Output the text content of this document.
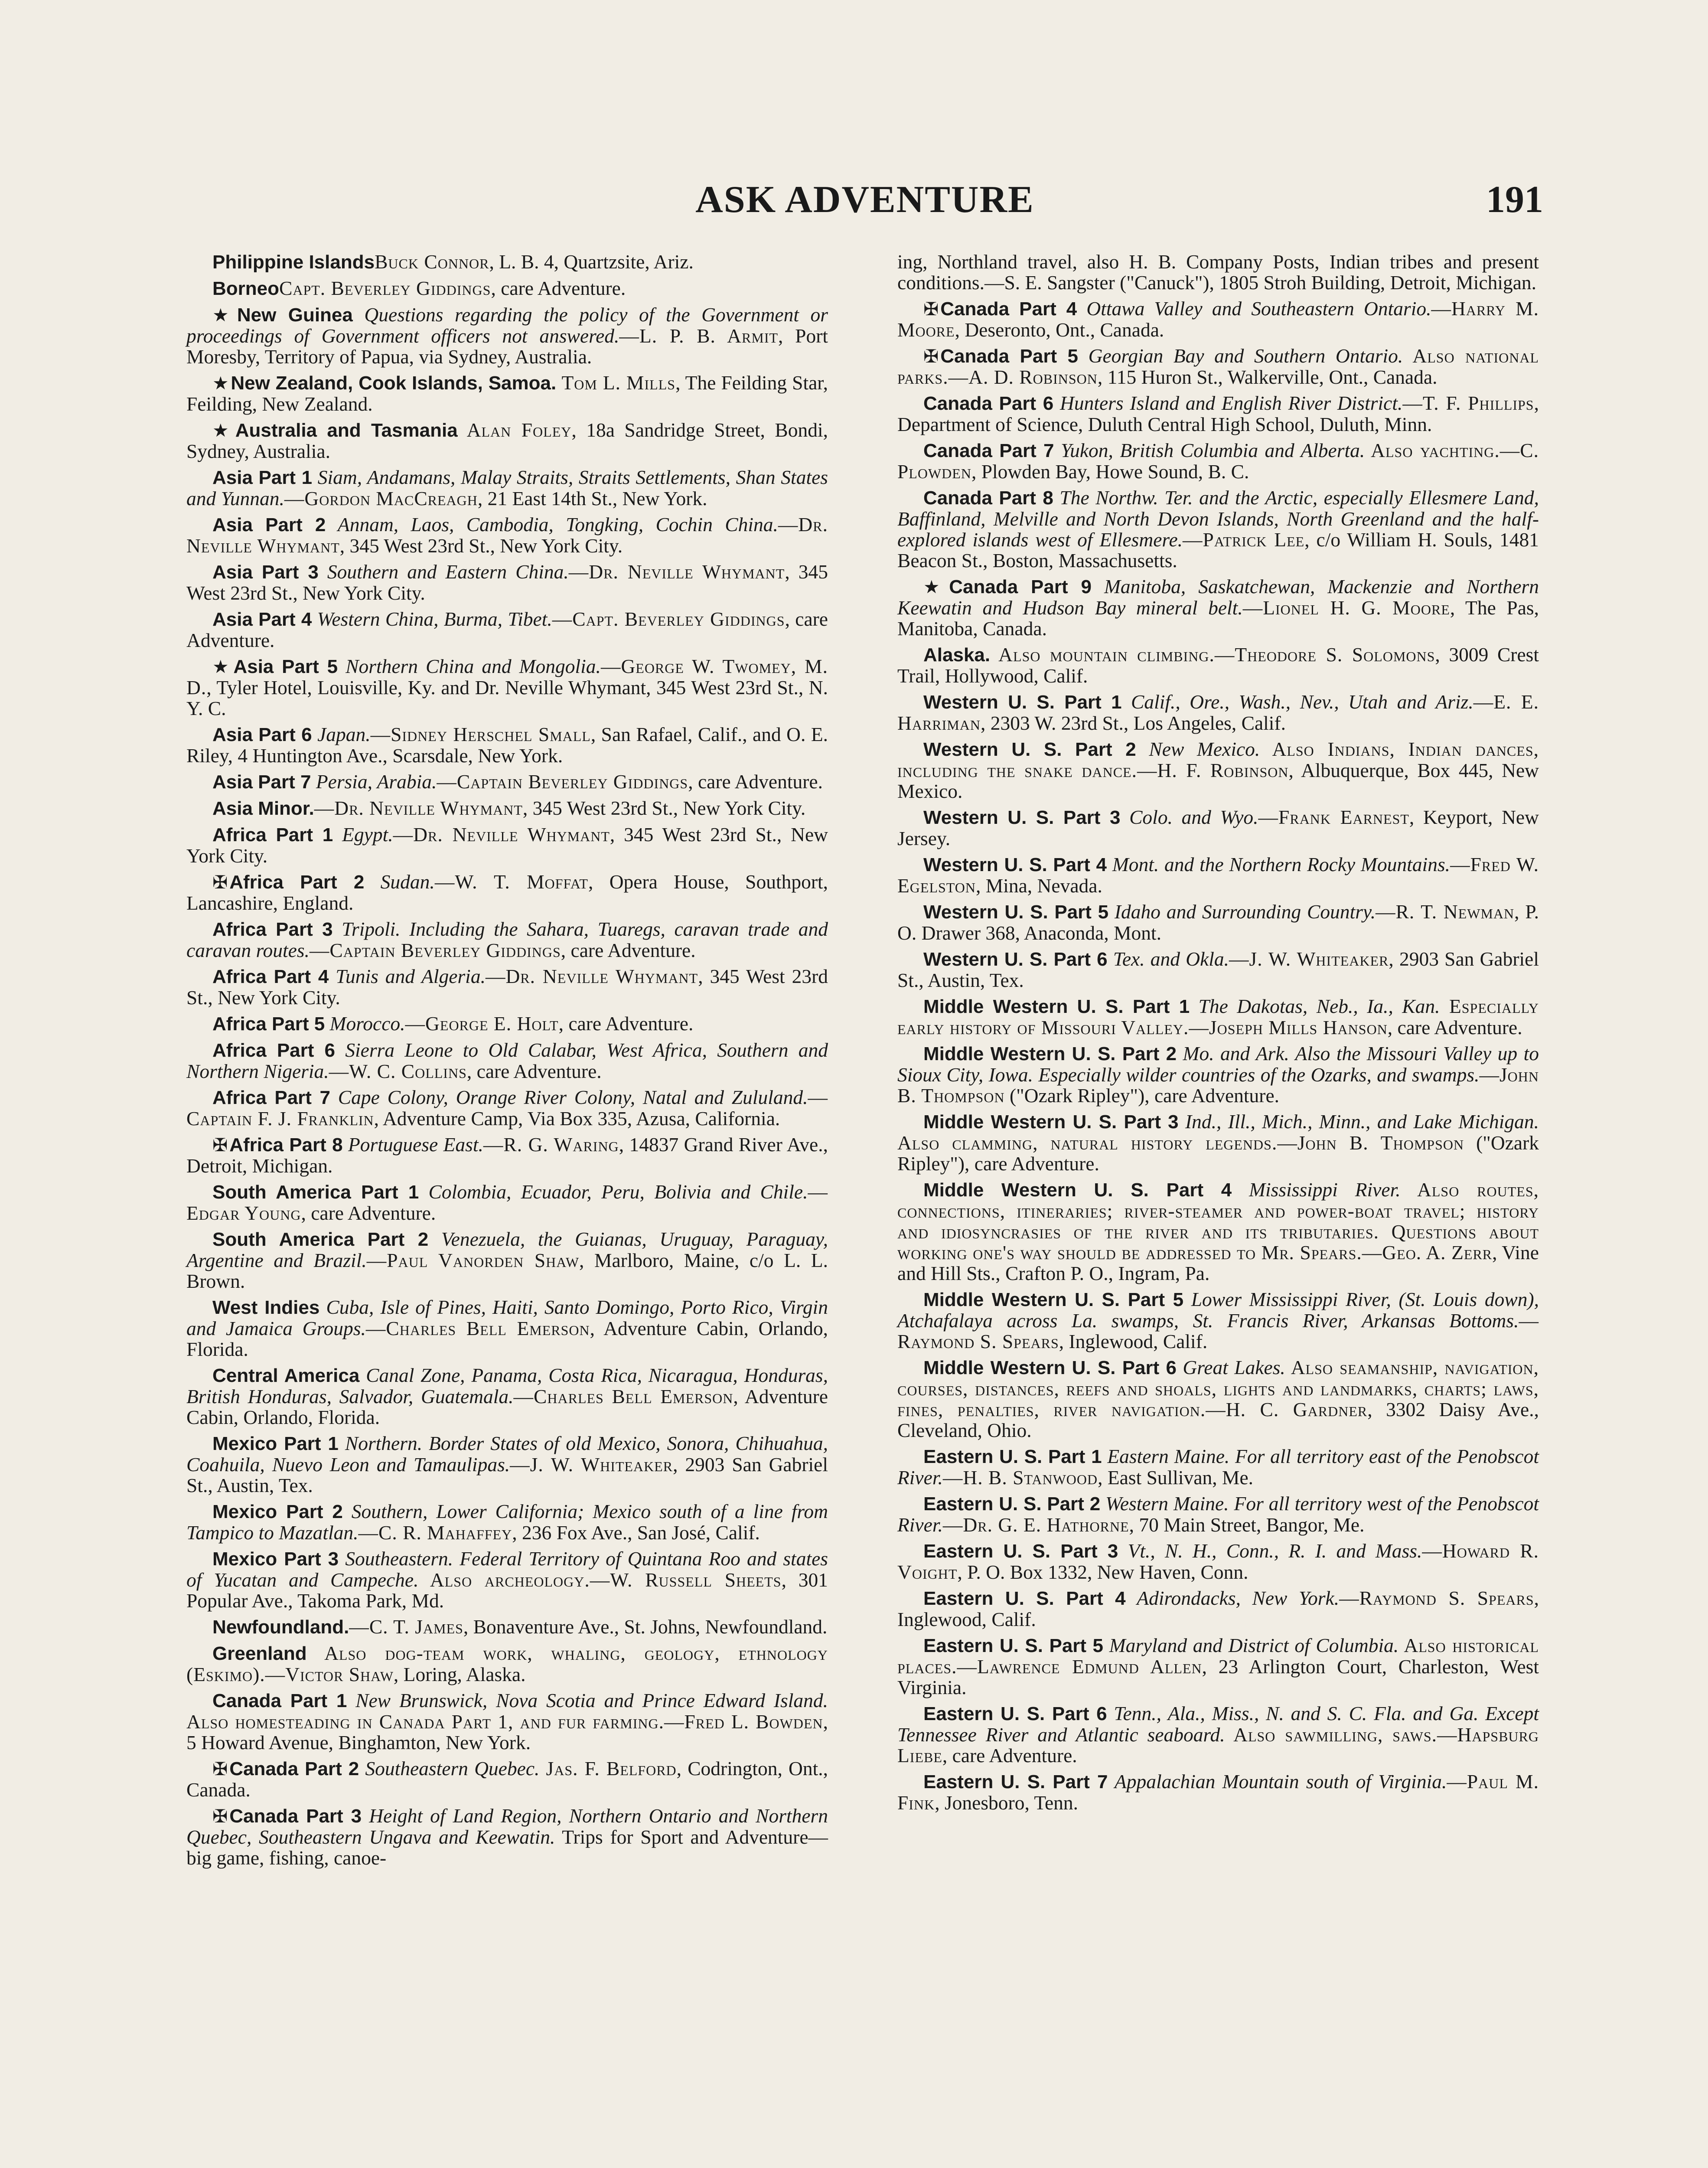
ASK ADVENTURE	191

Philippine IslandsBuck Connor, L. B. 4, Quartzsite, Ariz.

BorneoCapt. Beverley Giddings, care Adventure.

★New Guinea Questions regarding the policy of the Government or proceedings of Government officers not answered.—L. P. B. Armit, Port Moresby, Territory of Papua, via Sydney, Australia.

★New Zealand, Cook Islands, Samoa. Tom L. Mills, The Feilding Star, Feilding, New Zealand.

★Australia and Tasmania Alan Foley, 18a Sandridge Street, Bondi, Sydney, Australia.

Asia Part 1 Siam, Andamans, Malay Straits, Straits Settlements, Shan States and Yunnan.—Gordon MacCreagh, 21 East 14th St., New York.

Asia Part 2 Annam, Laos, Cambodia, Tongking, Cochin China.—Dr. Neville Whymant, 345 West 23rd St., New York City.

Asia Part 3 Southern and Eastern China.—Dr. Neville Whymant, 345 West 23rd St., New York City.

Asia Part 4 Western China, Burma, Tibet.—Capt. Beverley Giddings, care Adventure.

★Asia Part 5 Northern China and Mongolia.—George W. Twomey, M. D., Tyler Hotel, Louisville, Ky. and Dr. Neville Whymant, 345 West 23rd St., N. Y. C.

Asia Part 6 Japan.—Sidney Herschel Small, San Rafael, Calif., and O. E. Riley, 4 Huntington Ave., Scarsdale, New York.

Asia Part 7 Persia, Arabia.—Captain Beverley Giddings, care Adventure.

Asia Minor.—Dr. Neville Whymant, 345 West 23rd St., New York City.

Africa Part 1 Egypt.—Dr. Neville Whymant, 345 West 23rd St., New York City.

✠Africa Part 2 Sudan.—W. T. Moffat, Opera House, Southport, Lancashire, England.

Africa Part 3 Tripoli. Including the Sahara, Tuaregs, caravan trade and caravan routes.—Captain Beverley Giddings, care Adventure.

Africa Part 4 Tunis and Algeria.—Dr. Neville Whymant, 345 West 23rd St., New York City.

Africa Part 5 Morocco.—George E. Holt, care Adventure.

Africa Part 6 Sierra Leone to Old Calabar, West Africa, Southern and Northern Nigeria.—W. C. Collins, care Adventure.

Africa Part 7 Cape Colony, Orange River Colony, Natal and Zululand.—Captain F. J. Franklin, Adventure Camp, Via Box 335, Azusa, California.

✠Africa Part 8 Portuguese East.—R. G. Waring, 14837 Grand River Ave., Detroit, Michigan.

South America Part 1 Colombia, Ecuador, Peru, Bolivia and Chile.—Edgar Young, care Adventure.

South America Part 2 Venezuela, the Guianas, Uruguay, Paraguay, Argentine and Brazil.—Paul Vanorden Shaw, Marlboro, Maine, c/o L. L. Brown.

West Indies Cuba, Isle of Pines, Haiti, Santo Domingo, Porto Rico, Virgin and Jamaica Groups.—Charles Bell Emerson, Adventure Cabin, Orlando, Florida.

Central America Canal Zone, Panama, Costa Rica, Nicaragua, Honduras, British Honduras, Salvador, Guatemala.—Charles Bell Emerson, Adventure Cabin, Orlando, Florida.

Mexico Part 1 Northern. Border States of old Mexico, Sonora, Chihuahua, Coahuila, Nuevo Leon and Tamaulipas.—J. W. Whiteaker, 2903 San Gabriel St., Austin, Tex.

Mexico Part 2 Southern, Lower California; Mexico south of a line from Tampico to Mazatlan.—C. R. Mahaffey, 236 Fox Ave., San José, Calif.

Mexico Part 3 Southeastern. Federal Territory of Quintana Roo and states of Yucatan and Campeche. Also archeology.—W. Russell Sheets, 301 Popular Ave., Takoma Park, Md.

Newfoundland.—C. T. James, Bonaventure Ave., St. Johns, Newfoundland.

Greenland Also dog-team work, whaling, geology, ethnology (Eskimo).—Victor Shaw, Loring, Alaska.

Canada Part 1 New Brunswick, Nova Scotia and Prince Edward Island. Also homesteading in Canada Part 1, and fur farming.—Fred L. Bowden, 5 Howard Avenue, Binghamton, New York.

✠Canada Part 2 Southeastern Quebec. Jas. F. Belford, Codrington, Ont., Canada.

✠Canada Part 3 Height of Land Region, Northern Ontario and Northern Quebec, Southeastern Ungava and Keewatin. Trips for Sport and Adventure—big game, fishing, canoe-

ing, Northland travel, also H. B. Company Posts, Indian tribes and present conditions.—S. E. Sangster ("Canuck"), 1805 Stroh Building, Detroit, Michigan.

✠Canada Part 4 Ottawa Valley and Southeastern Ontario.—Harry M. Moore, Deseronto, Ont., Canada.

✠Canada Part 5 Georgian Bay and Southern Ontario. Also national parks.—A. D. Robinson, 115 Huron St., Walkerville, Ont., Canada.

Canada Part 6 Hunters Island and English River District.—T. F. Phillips, Department of Science, Duluth Central High School, Duluth, Minn.

Canada Part 7 Yukon, British Columbia and Alberta. Also yachting.—C. Plowden, Plowden Bay, Howe Sound, B. C.

Canada Part 8 The Northw. Ter. and the Arctic, especially Ellesmere Land, Baffinland, Melville and North Devon Islands, North Greenland and the half-explored islands west of Ellesmere.—Patrick Lee, c/o William H. Souls, 1481 Beacon St., Boston, Massachusetts.

★Canada Part 9 Manitoba, Saskatchewan, Mackenzie and Northern Keewatin and Hudson Bay mineral belt.—Lionel H. G. Moore, The Pas, Manitoba, Canada.

Alaska. Also mountain climbing.—Theodore S. Solomons, 3009 Crest Trail, Hollywood, Calif.

Western U. S. Part 1 Calif., Ore., Wash., Nev., Utah and Ariz.—E. E. Harriman, 2303 W. 23rd St., Los Angeles, Calif.

Western U. S. Part 2 New Mexico. Also Indians, Indian dances, including the snake dance.—H. F. Robinson, Albuquerque, Box 445, New Mexico.

Western U. S. Part 3 Colo. and Wyo.—Frank Earnest, Keyport, New Jersey.

Western U. S. Part 4 Mont. and the Northern Rocky Mountains.—Fred W. Egelston, Mina, Nevada.

Western U. S. Part 5 Idaho and Surrounding Country.—R. T. Newman, P. O. Drawer 368, Anaconda, Mont.

Western U. S. Part 6 Tex. and Okla.—J. W. Whiteaker, 2903 San Gabriel St., Austin, Tex.

Middle Western U. S. Part 1 The Dakotas, Neb., Ia., Kan. Especially early history of Missouri Valley.—Joseph Mills Hanson, care Adventure.

Middle Western U. S. Part 2 Mo. and Ark. Also the Missouri Valley up to Sioux City, Iowa. Especially wilder countries of the Ozarks, and swamps.—John B. Thompson ("Ozark Ripley"), care Adventure.

Middle Western U. S. Part 3 Ind., Ill., Mich., Minn., and Lake Michigan. Also clamming, natural history legends.—John B. Thompson ("Ozark Ripley"), care Adventure.

Middle Western U. S. Part 4 Mississippi River. Also routes, connections, itineraries; river-steamer and power-boat travel; history and idiosyncrasies of the river and its tributaries. Questions about working one's way should be addressed to Mr. Spears.—Geo. A. Zerr, Vine and Hill Sts., Crafton P. O., Ingram, Pa.

Middle Western U. S. Part 5 Lower Mississippi River, (St. Louis down), Atchafalaya across La. swamps, St. Francis River, Arkansas Bottoms.—Raymond S. Spears, Inglewood, Calif.

Middle Western U. S. Part 6 Great Lakes. Also seamanship, navigation, courses, distances, reefs and shoals, lights and landmarks, charts; laws, fines, penalties, river navigation.—H. C. Gardner, 3302 Daisy Ave., Cleveland, Ohio.

Eastern U. S. Part 1 Eastern Maine. For all territory east of the Penobscot River.—H. B. Stanwood, East Sullivan, Me.

Eastern U. S. Part 2 Western Maine. For all territory west of the Penobscot River.—Dr. G. E. Hathorne, 70 Main Street, Bangor, Me.

Eastern U. S. Part 3 Vt., N. H., Conn., R. I. and Mass.—Howard R. Voight, P. O. Box 1332, New Haven, Conn.

Eastern U. S. Part 4 Adirondacks, New York.—Raymond S. Spears, Inglewood, Calif.

Eastern U. S. Part 5 Maryland and District of Columbia. Also historical places.—Lawrence Edmund Allen, 23 Arlington Court, Charleston, West Virginia.

Eastern U. S. Part 6 Tenn., Ala., Miss., N. and S. C. Fla. and Ga. Except Tennessee River and Atlantic seaboard. Also sawmilling, saws.—Hapsburg Liebe, care Adventure.

Eastern U. S. Part 7 Appalachian Mountain south of Virginia.—Paul M. Fink, Jonesboro, Tenn.
